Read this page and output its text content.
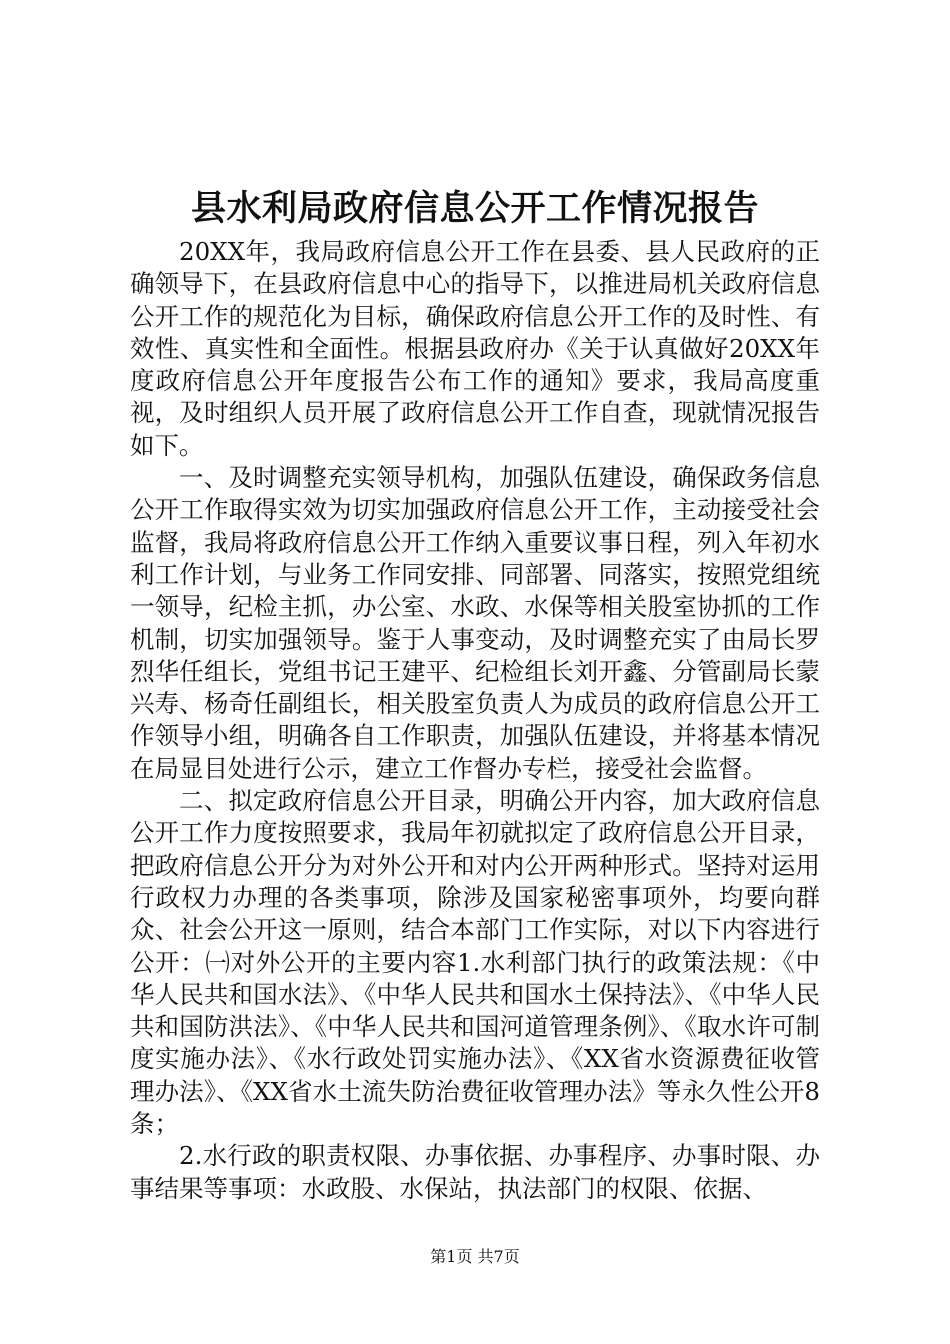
县水利局政府信息公开工作情况报告

20XX年，我局政府信息公开工作在县委、县人民政府的正确领导下，在县政府信息中心的指导下，以推进局机关政府信息公开工作的规范化为目标，确保政府信息公开工作的及时性、有效性、真实性和全面性。根据县政府办《关于认真做好20XX年度政府信息公开年度报告公布工作的通知》要求，我局高度重视，及时组织人员开展了政府信息公开工作自查，现就情况报告如下。

一、及时调整充实领导机构，加强队伍建设，确保政务信息公开工作取得实效为切实加强政府信息公开工作，主动接受社会监督，我局将政府信息公开工作纳入重要议事日程，列入年初水利工作计划，与业务工作同安排、同部署、同落实，按照党组统一领导，纪检主抓，办公室、水政、水保等相关股室协抓的工作机制，切实加强领导。鉴于人事变动，及时调整充实了由局长罗烈华任组长，党组书记王建平、纪检组长刘开鑫、分管副局长蒙兴寿、杨奇任副组长，相关股室负责人为成员的政府信息公开工作领导小组，明确各自工作职责，加强队伍建设，并将基本情况在局显目处进行公示，建立工作督办专栏，接受社会监督。

二、拟定政府信息公开目录，明确公开内容，加大政府信息公开工作力度按照要求，我局年初就拟定了政府信息公开目录，把政府信息公开分为对外公开和对内公开两种形式。坚持对运用行政权力办理的各类事项，除涉及国家秘密事项外，均要向群众、社会公开这一原则，结合本部门工作实际，对以下内容进行公开：㈠对外公开的主要内容1.水利部门执行的政策法规：《中华人民共和国水法》、《中华人民共和国水土保持法》、《中华人民共和国防洪法》、《中华人民共和国河道管理条例》、《取水许可制度实施办法》、《水行政处罚实施办法》、《XX省水资源费征收管理办法》、《XX省水土流失防治费征收管理办法》等永久性公开8条；

2.水行政的职责权限、办事依据、办事程序、办事时限、办事结果等事项：水政股、水保站，执法部门的权限、依据、

第1页 共7页
